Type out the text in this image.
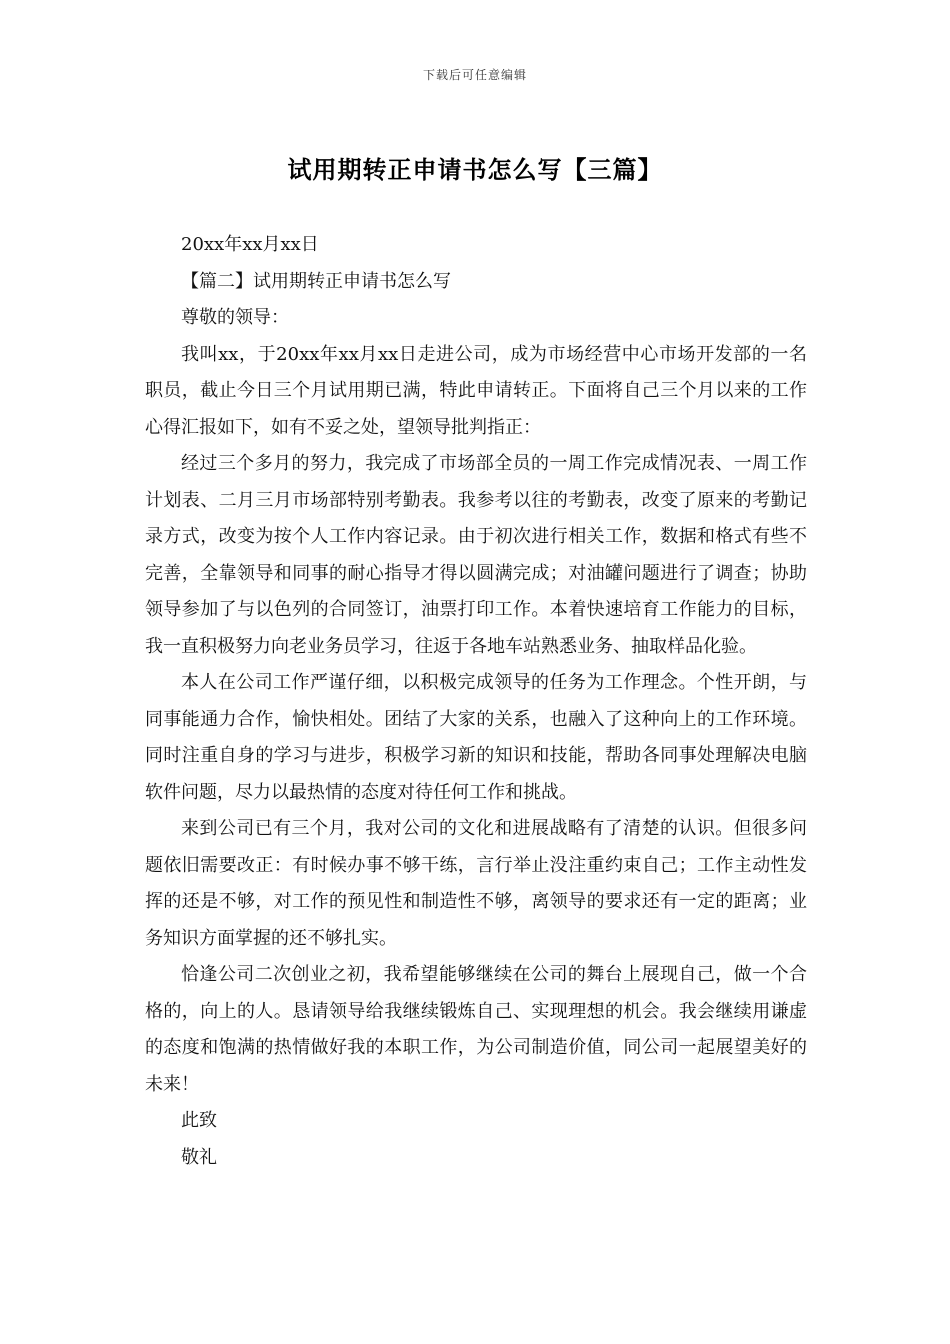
下载后可任意编辑
试用期转正申请书怎么写【三篇】

20xx年xx月xx日

【篇二】试用期转正申请书怎么写

尊敬的领导：

我叫xx，于20xx年xx月xx日走进公司，成为市场经营中心市场开发部的一名职员，截止今日三个月试用期已满，特此申请转正。下面将自己三个月以来的工作心得汇报如下，如有不妥之处，望领导批判指正：

经过三个多月的努力，我完成了市场部全员的一周工作完成情况表、一周工作计划表、二月三月市场部特别考勤表。我参考以往的考勤表，改变了原来的考勤记录方式，改变为按个人工作内容记录。由于初次进行相关工作，数据和格式有些不完善，全靠领导和同事的耐心指导才得以圆满完成；对油罐问题进行了调查；协助领导参加了与以色列的合同签订，油票打印工作。本着快速培育工作能力的目标，我一直积极努力向老业务员学习，往返于各地车站熟悉业务、抽取样品化验。

本人在公司工作严谨仔细，以积极完成领导的任务为工作理念。个性开朗，与同事能通力合作，愉快相处。团结了大家的关系，也融入了这种向上的工作环境。同时注重自身的学习与进步，积极学习新的知识和技能，帮助各同事处理解决电脑软件问题，尽力以最热情的态度对待任何工作和挑战。

来到公司已有三个月，我对公司的文化和进展战略有了清楚的认识。但很多问题依旧需要改正：有时候办事不够干练，言行举止没注重约束自己；工作主动性发挥的还是不够，对工作的预见性和制造性不够，离领导的要求还有一定的距离；业务知识方面掌握的还不够扎实。

恰逢公司二次创业之初，我希望能够继续在公司的舞台上展现自己，做一个合格的，向上的人。恳请领导给我继续锻炼自己、实现理想的机会。我会继续用谦虚的态度和饱满的热情做好我的本职工作，为公司制造价值，同公司一起展望美好的未来！

此致

敬礼
